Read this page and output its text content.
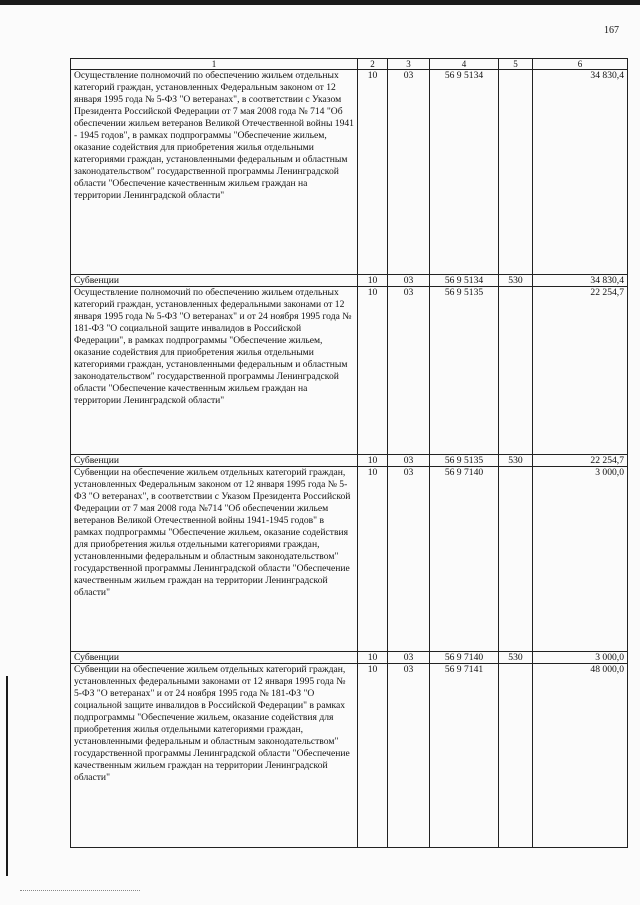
167
1	2	3	4	5	6
Осуществление полномочий по обеспечению жильем отдельных категорий граждан, установленных Федеральным законом от 12 января 1995 года № 5-ФЗ "О ветеранах", в соответствии с Указом Президента Российской Федерации от 7 мая 2008 года № 714 "Об обеспечении жильем ветеранов Великой Отечественной войны 1941 - 1945 годов", в рамках подпрограммы "Обеспечение жильем, оказание содействия для приобретения жилья отдельными категориями граждан, установленными федеральным и областным законодательством" государственной программы Ленинградской области "Обеспечение качественным жильем граждан на территории Ленинградской области"	10	03	56 9 5134		34 830,4
Субвенции	10	03	56 9 5134	530	34 830,4
Осуществление полномочий по обеспечению жильем отдельных категорий граждан, установленных федеральными законами от 12 января 1995 года № 5-ФЗ "О ветеранах" и от 24 ноября 1995 года № 181-ФЗ "О социальной защите инвалидов в Российской Федерации", в рамках подпрограммы "Обеспечение жильем, оказание содействия для приобретения жилья отдельными категориями граждан, установленными федеральным и областным законодательством" государственной программы Ленинградской области "Обеспечение качественным жильем граждан на территории Ленинградской области"	10	03	56 9 5135		22 254,7
Субвенции	10	03	56 9 5135	530	22 254,7
Субвенции на обеспечение жильем отдельных категорий граждан, установленных Федеральным законом от 12 января 1995 года № 5-ФЗ "О ветеранах", в соответствии с Указом Президента Российской Федерации от 7 мая 2008 года №714 "Об обеспечении жильем ветеранов Великой Отечественной войны 1941-1945 годов" в рамках подпрограммы "Обеспечение жильем, оказание содействия для приобретения жилья отдельными категориями граждан, установленными федеральным и областным законодательством" государственной программы Ленинградской области "Обеспечение качественным жильем граждан на территории Ленинградской области"	10	03	56 9 7140		3 000,0
Субвенции	10	03	56 9 7140	530	3 000,0
Субвенции на обеспечение жильем отдельных категорий граждан, установленных федеральными законами от 12 января 1995 года № 5-ФЗ "О ветеранах" и от 24 ноября 1995 года № 181-ФЗ "О социальной защите инвалидов в Российской Федерации" в рамках подпрограммы "Обеспечение жильем, оказание содействия для приобретения жилья отдельными категориями граждан, установленными федеральным и областным законодательством" государственной программы Ленинградской области "Обеспечение качественным жильем граждан на территории Ленинградской области"	10	03	56 9 7141		48 000,0
